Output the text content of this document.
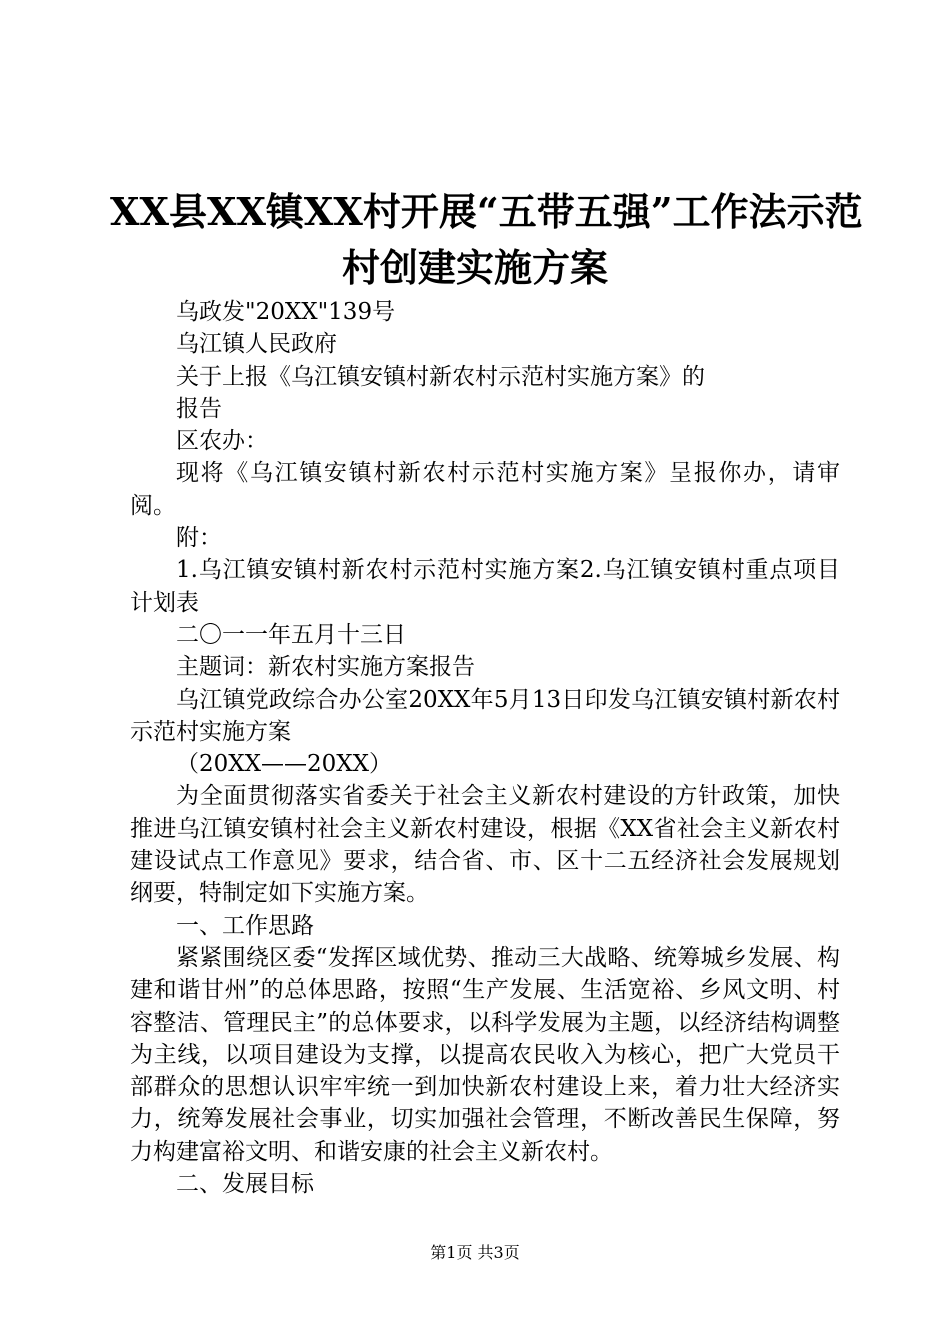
XX县XX镇XX村开展“五带五强”工作法示范
村创建实施方案

乌政发"20XX"139号

乌江镇人民政府

关于上报《乌江镇安镇村新农村示范村实施方案》的

报告

区农办：

现将《乌江镇安镇村新农村示范村实施方案》呈报你办，请审阅。

附：

1.乌江镇安镇村新农村示范村实施方案2.乌江镇安镇村重点项目计划表

二〇一一年五月十三日

主题词：新农村实施方案报告

乌江镇党政综合办公室20XX年5月13日印发乌江镇安镇村新农村示范村实施方案

（20XX——20XX）

为全面贯彻落实省委关于社会主义新农村建设的方针政策，加快推进乌江镇安镇村社会主义新农村建设，根据《XX省社会主义新农村建设试点工作意见》要求，结合省、市、区十二五经济社会发展规划纲要，特制定如下实施方案。

一、工作思路

紧紧围绕区委“发挥区域优势、推动三大战略、统筹城乡发展、构建和谐甘州”的总体思路，按照“生产发展、生活宽裕、乡风文明、村容整洁、管理民主”的总体要求，以科学发展为主题，以经济结构调整为主线，以项目建设为支撑，以提高农民收入为核心，把广大党员干部群众的思想认识牢牢统一到加快新农村建设上来，着力壮大经济实力，统筹发展社会事业，切实加强社会管理，不断改善民生保障，努力构建富裕文明、和谐安康的社会主义新农村。

二、发展目标

第1页 共3页
